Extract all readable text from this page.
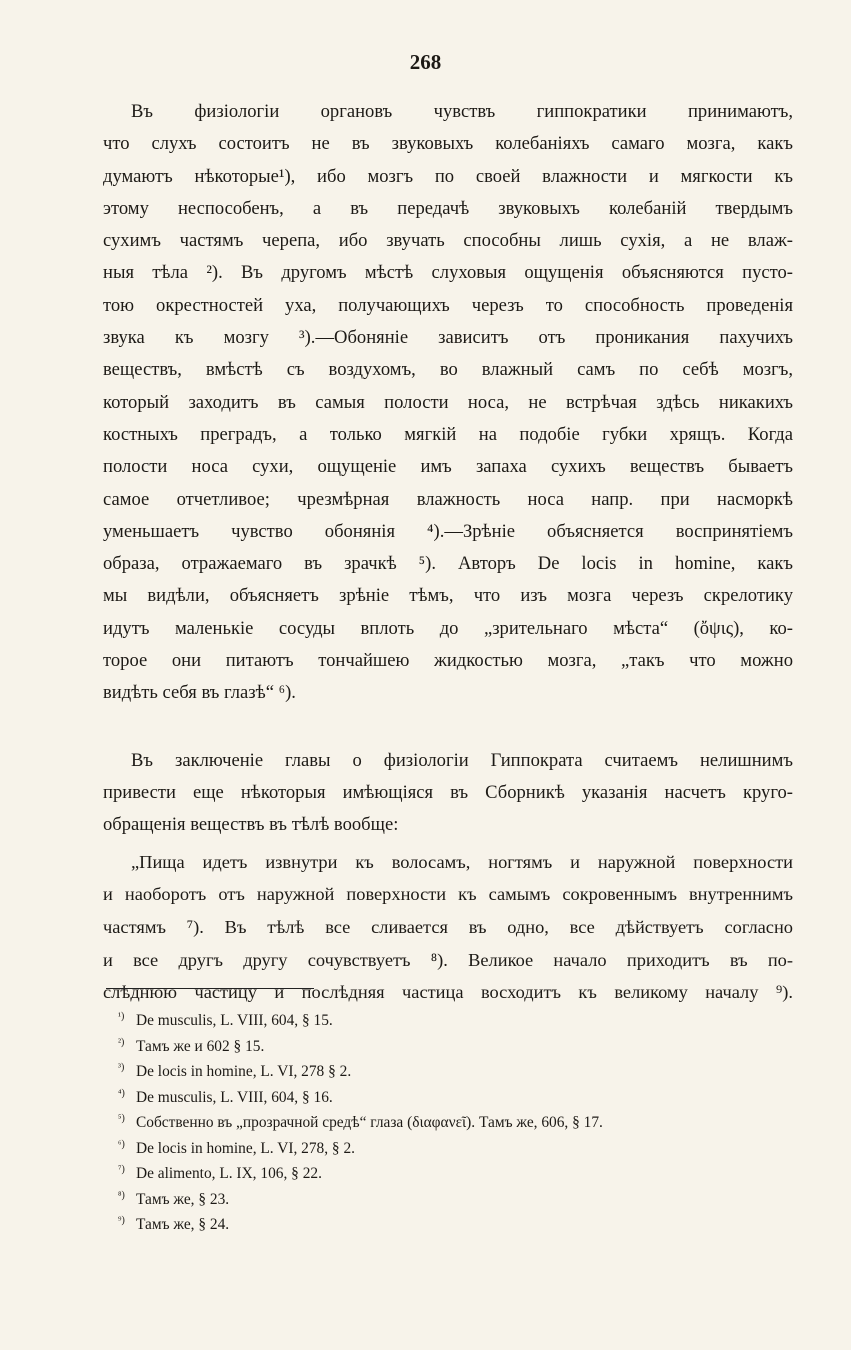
268
Въ физiологiи органовъ чувствъ гиппократики принимаютъ,
что слухъ состоитъ не въ звуковыхъ колебанiяхъ самаго мозга, какъ
думаютъ нѣкоторые¹), ибо мозгъ по своей влажности и мягкости къ
этому неспособенъ, а въ передачѣ звуковыхъ колебанiй твердымъ
сухимъ частямъ черепа, ибо звучать способны лишь сухiя, а не влаж-
ныя тѣла ²). Въ другомъ мѣстѣ слуховыя ощущенiя объясняются пусто-
тою окрестностей уха, получающихъ черезъ то способность проведенiя
звука къ мозгу ³).—Обонянiе зависитъ отъ проникания пахучихъ
веществъ, вмѣстѣ съ воздухомъ, во влажный самъ по себѣ мозгъ,
который заходитъ въ самыя полости носа, не встрѣчая здѣсь никакихъ
костныхъ преградъ, а только мягкiй на подобiе губки хрящъ. Когда
полости носа сухи, ощущенiе имъ запаха сухихъ веществъ бываетъ
самое отчетливое; чрезмѣрная влажность носа напр. при насморкѣ
уменьшаетъ чувство обонянiя ⁴).—Зрѣнiе объясняется воспринятiемъ
образа, отражаемаго въ зрачкѣ ⁵). Авторъ De locis in homine, какъ
мы видѣли, объясняетъ зрѣнiе тѣмъ, что изъ мозга черезъ скрелотику
идутъ маленькiе сосуды вплоть до „зрительнаго мѣста“ (ὄψις), ко-
торое они питаютъ тончайшею жидкостью мозга, „такъ что можно
видѣть себя въ глазѣ“ ⁶).
Въ заключенiе главы о физiологiи Гиппократа считаемъ нелишнимъ
привести еще нѣкоторыя имѣющiяся въ Сборникѣ указанiя насчетъ круго-
обращенiя веществъ въ тѣлѣ вообще:
„Пища идетъ извнутри къ волосамъ, ногтямъ и наружной поверхности
и наоборотъ отъ наружной поверхности къ самымъ сокровеннымъ внутреннимъ
частямъ ⁷). Въ тѣлѣ все сливается въ одно, все дѣйствуетъ согласно
и все другъ другу сочувствуетъ ⁸). Великое начало приходитъ въ по-
слѣднюю частицу и послѣдняя частица восходитъ къ великому началу ⁹).
¹) De musculis, L. VIII, 604, § 15.
²) Тамъ же и 602 § 15.
³) De locis in homine, L. VI, 278 § 2.
⁴) De musculis, L. VIII, 604, § 16.
⁵) Собственно въ „прозрачной средѣ“ глаза (διαφανεῖ). Тамъ же, 606, § 17.
⁶) De locis in homine, L. VI, 278, § 2.
⁷) De alimento, L. IX, 106, § 22.
⁸) Тамъ же, § 23.
⁹) Тамъ же, § 24.
